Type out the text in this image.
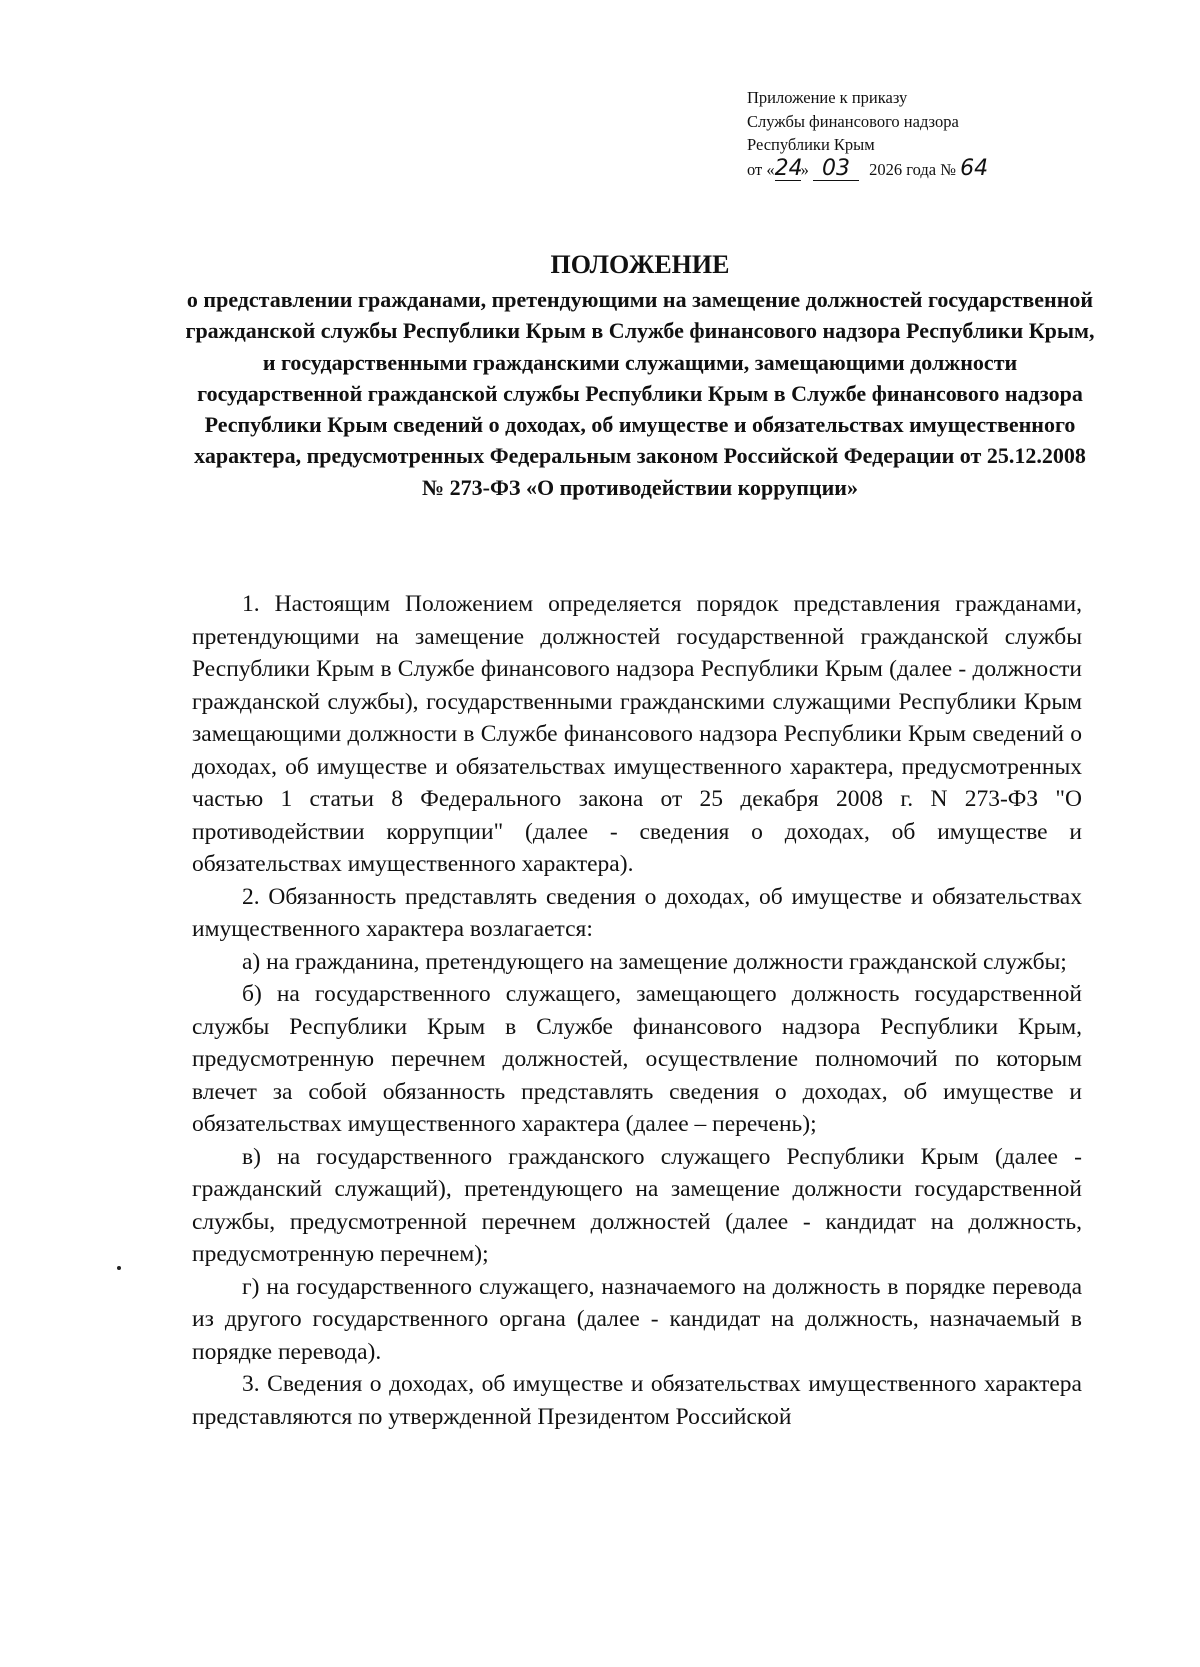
Приложение к приказу
Службы финансового надзора
Республики Крым
от «24» 03 2026 года № 64
ПОЛОЖЕНИЕ
о представлении гражданами, претендующими на замещение должностей государственной гражданской службы Республики Крым в Службе финансового надзора Республики Крым, и государственными гражданскими служащими, замещающими должности государственной гражданской службы Республики Крым в Службе финансового надзора Республики Крым сведений о доходах, об имуществе и обязательствах имущественного характера, предусмотренных Федеральным законом Российской Федерации от 25.12.2008 № 273-ФЗ «О противодействии коррупции»

1. Настоящим Положением определяется порядок представления гражданами, претендующими на замещение должностей государственной гражданской службы Республики Крым в Службе финансового надзора Республики Крым (далее - должности гражданской службы), государственными гражданскими служащими Республики Крым замещающими должности в Службе финансового надзора Республики Крым сведений о доходах, об имуществе и обязательствах имущественного характера, предусмотренных частью 1 статьи 8 Федерального закона от 25 декабря 2008 г. N 273-ФЗ "О противодействии коррупции" (далее - сведения о доходах, об имуществе и обязательствах имущественного характера).

2. Обязанность представлять сведения о доходах, об имуществе и обязательствах имущественного характера возлагается:

а) на гражданина, претендующего на замещение должности гражданской службы;

б) на государственного служащего, замещающего должность государственной службы Республики Крым в Службе финансового надзора Республики Крым, предусмотренную перечнем должностей, осуществление полномочий по которым влечет за собой обязанность представлять сведения о доходах, об имуществе и обязательствах имущественного характера (далее – перечень);

в) на государственного гражданского служащего Республики Крым (далее - гражданский служащий), претендующего на замещение должности государственной службы, предусмотренной перечнем должностей (далее - кандидат на должность, предусмотренную перечнем);

г) на государственного служащего, назначаемого на должность в порядке перевода из другого государственного органа (далее - кандидат на должность, назначаемый в порядке перевода).

3. Сведения о доходах, об имуществе и обязательствах имущественного характера представляются по утвержденной Президентом Российской
